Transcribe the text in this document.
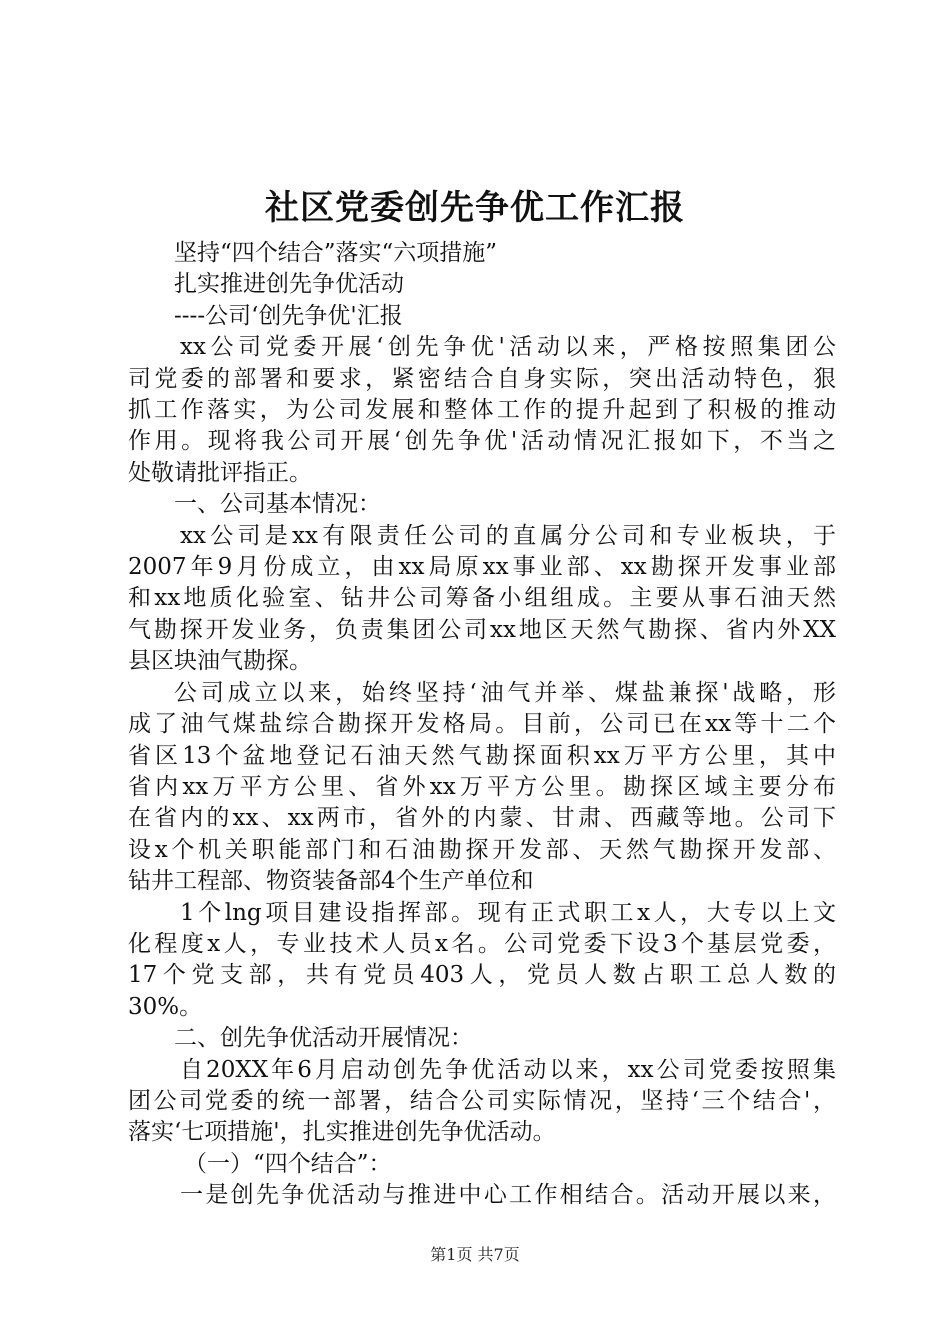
社区党委创先争优工作汇报
坚持“四个结合”落实“六项措施”
扎实推进创先争优活动
----公司‘创先争优'汇报
xx公司党委开展‘创先争优'活动以来，严格按照集团公
司党委的部署和要求，紧密结合自身实际，突出活动特色，狠
抓工作落实，为公司发展和整体工作的提升起到了积极的推动
作用。现将我公司开展‘创先争优'活动情况汇报如下，不当之
处敬请批评指正。
一、公司基本情况：
xx公司是xx有限责任公司的直属分公司和专业板块，于
2007年9月份成立，由xx局原xx事业部、xx勘探开发事业部
和xx地质化验室、钻井公司筹备小组组成。主要从事石油天然
气勘探开发业务，负责集团公司xx地区天然气勘探、省内外XX
县区块油气勘探。
公司成立以来，始终坚持‘油气并举、煤盐兼探'战略，形
成了油气煤盐综合勘探开发格局。目前，公司已在xx等十二个
省区13个盆地登记石油天然气勘探面积xx万平方公里，其中
省内xx万平方公里、省外xx万平方公里。勘探区域主要分布
在省内的xx、xx两市，省外的内蒙、甘肃、西藏等地。公司下
设x个机关职能部门和石油勘探开发部、天然气勘探开发部、
钻井工程部、物资装备部4个生产单位和
1个lng项目建设指挥部。现有正式职工x人，大专以上文
化程度x人，专业技术人员x名。公司党委下设3个基层党委，
17个党支部，共有党员403人，党员人数占职工总人数的
30%。
二、创先争优活动开展情况：
自20XX年6月启动创先争优活动以来，xx公司党委按照集
团公司党委的统一部署，结合公司实际情况，坚持‘三个结合'，
落实‘七项措施'，扎实推进创先争优活动。
（一）“四个结合”：
一是创先争优活动与推进中心工作相结合。活动开展以来，
第1页 共7页
